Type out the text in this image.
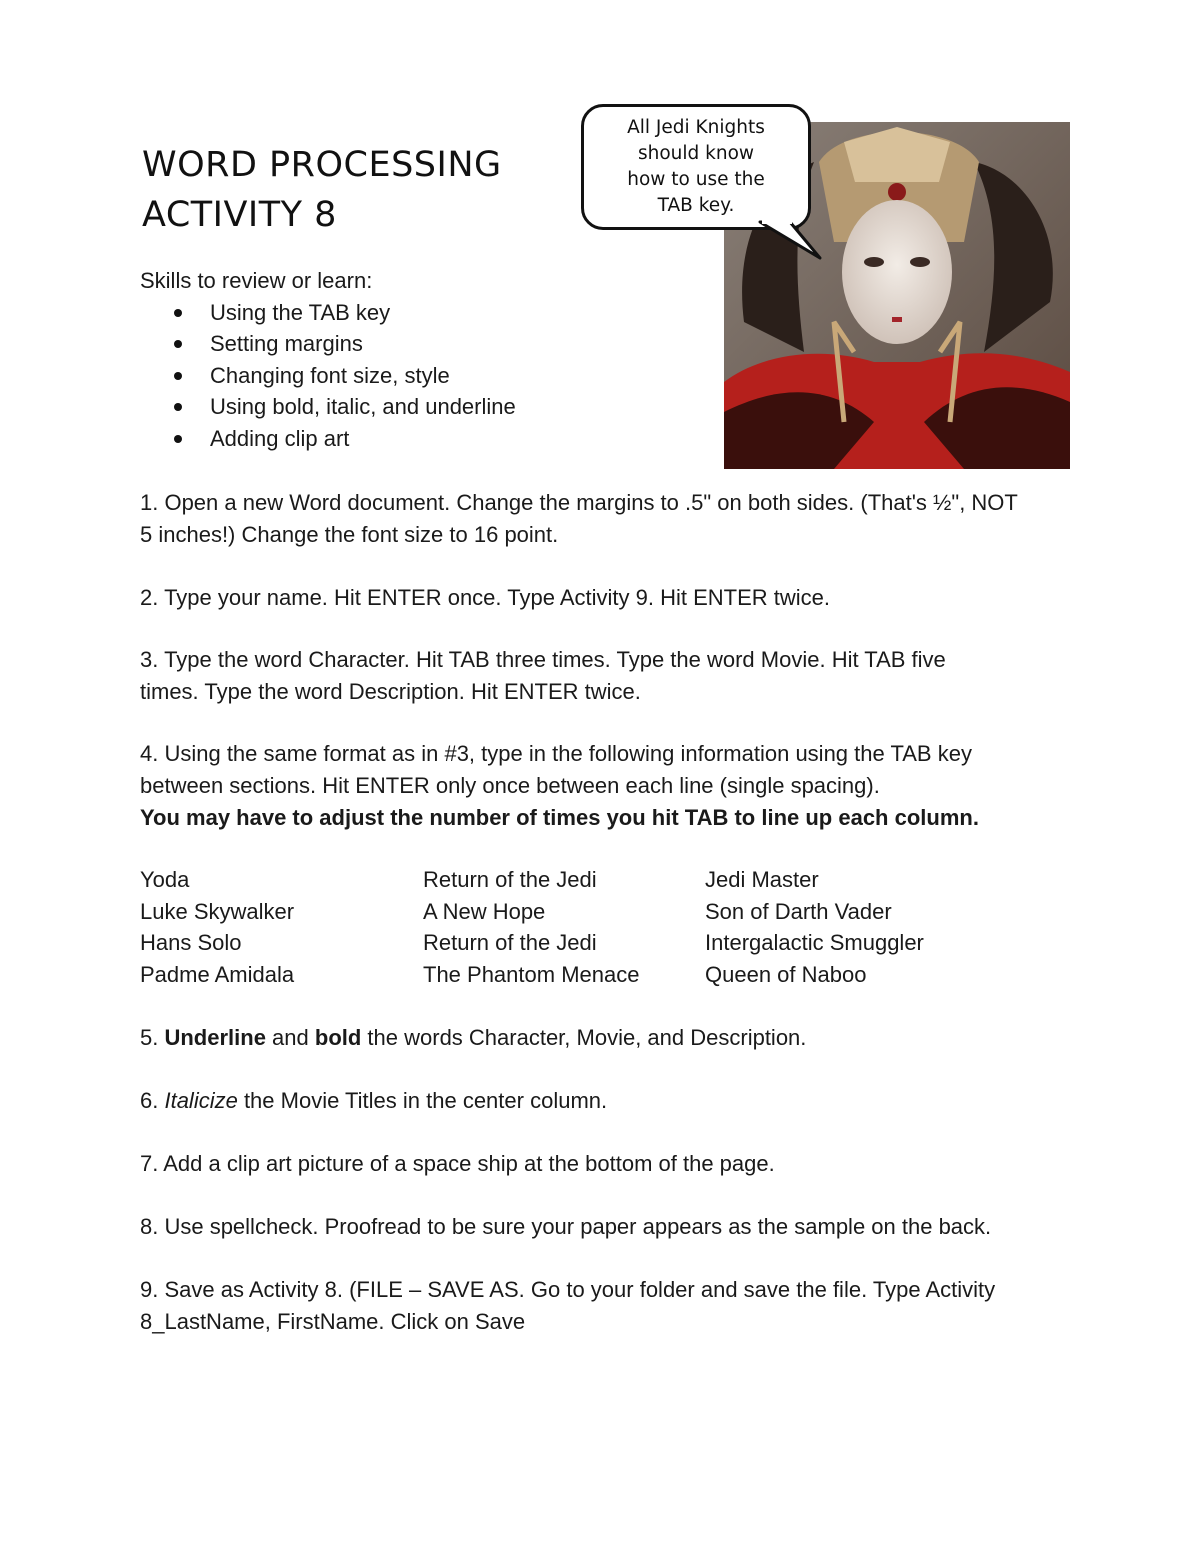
WORD PROCESSING
ACTIVITY 8
All Jedi Knights
should know
how to use the
TAB key.
Skills to review or learn:
Using the TAB key
Setting margins
Changing font size, style
Using bold, italic, and underline
Adding clip art

1. Open a new Word document. Change the margins to .5" on both sides. (That's ½", NOT

5 inches!) Change the font size to 16 point.

2. Type your name. Hit ENTER once. Type Activity 9. Hit ENTER twice.

3. Type the word Character. Hit TAB three times. Type the word Movie. Hit TAB five

times. Type the word Description. Hit ENTER twice.

4. Using the same format as in #3, type in the following information using the TAB key

between sections. Hit ENTER only once between each line (single spacing).

You may have to adjust the number of times you hit TAB to line up each column.

Yoda	Return of the Jedi	Jedi Master
Luke Skywalker	A New Hope	Son of Darth Vader
Hans Solo	Return of the Jedi	Intergalactic Smuggler
Padme Amidala	The Phantom Menace	Queen of Naboo

5. Underline and bold the words Character, Movie, and Description.

6. Italicize the Movie Titles in the center column.

7. Add a clip art picture of a space ship at the bottom of the page.

8. Use spellcheck. Proofread to be sure your paper appears as the sample on the back.

9. Save as Activity 8. (FILE – SAVE AS. Go to your folder and save the file. Type Activity

8_LastName, FirstName. Click on Save
